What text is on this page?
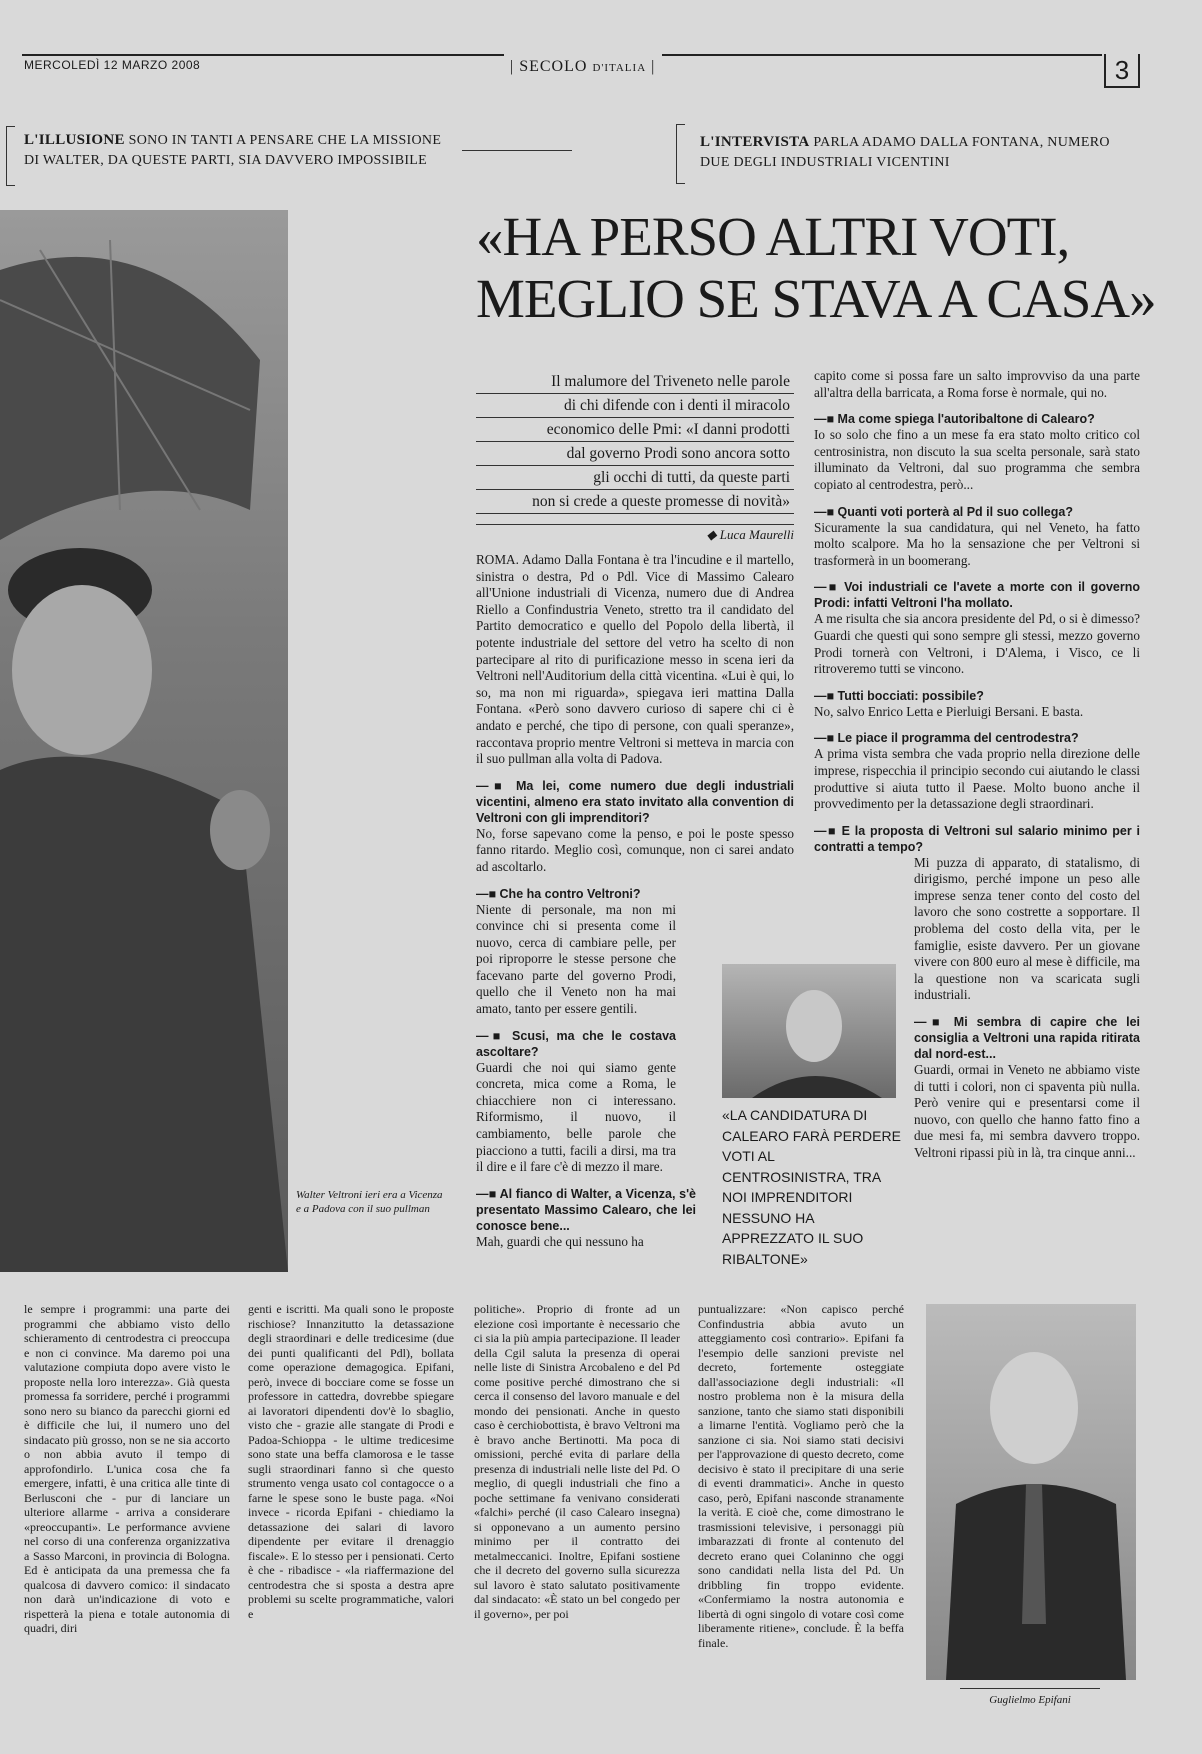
MERCOLEDÌ 12 MARZO 2008	| SECOLO D'ITALIA |	3
L'ILLUSIONE SONO IN TANTI A PENSARE CHE LA MISSIONE DI WALTER, DA QUESTE PARTI, SIA DAVVERO IMPOSSIBILE
L'INTERVISTA PARLA ADAMO DALLA FONTANA, NUMERO DUE DEGLI INDUSTRIALI VICENTINI
«HA PERSO ALTRI VOTI,
MEGLIO SE STAVA A CASA»
Walter Veltroni ieri era a Vicenza e a Padova con il suo pullman
Il malumore del Triveneto nelle parole
di chi difende con i denti il miracolo
economico delle Pmi: «I danni prodotti
dal governo Prodi sono ancora sotto
gli occhi di tutti, da queste parti
non si crede a queste promesse di novità»
◆ Luca Maurelli
ROMA. Adamo Dalla Fontana è tra l'incudine e il martello, sinistra o destra, Pd o Pdl. Vice di Massimo Calearo all'Unione industriali di Vicenza, numero due di Andrea Riello a Confindustria Veneto, stretto tra il candidato del Partito democratico e quello del Popolo della libertà, il potente industriale del settore del vetro ha scelto di non partecipare al rito di purificazione messo in scena ieri da Veltroni nell'Auditorium della città vicentina. «Lui è qui, lo so, ma non mi riguarda», spiegava ieri mattina Dalla Fontana. «Però sono davvero curioso di sapere chi ci è andato e perché, che tipo di persone, con quali speranze», raccontava proprio mentre Veltroni si metteva in marcia con il suo pullman alla volta di Padova.
—■ Ma lei, come numero due degli industriali vicentini, almeno era stato invitato alla convention di Veltroni con gli imprenditori?
No, forse sapevano come la penso, e poi le poste spesso fanno ritardo. Meglio così, comunque, non ci sarei andato ad ascoltarlo.
—■ Che ha contro Veltroni?
Niente di personale, ma non mi convince chi si presenta come il nuovo, cerca di cambiare pelle, per poi riproporre le stesse persone che facevano parte del governo Prodi, quello che il Veneto non ha mai amato, tanto per essere gentili.
—■ Scusi, ma che le costava ascoltare?
Guardi che noi qui siamo gente concreta, mica come a Roma, le chiacchiere non ci interessano. Riformismo, il nuovo, il cambiamento, belle parole che piacciono a tutti, facili a dirsi, ma tra il dire e il fare c'è di mezzo il mare.
—■ Al fianco di Walter, a Vicenza, s'è presentato Massimo Calearo, che lei conosce bene...
Mah, guardi che qui nessuno ha
«LA CANDIDATURA DI CALEARO FARÀ PERDERE VOTI AL CENTROSINISTRA, TRA NOI IMPRENDITORI NESSUNO HA APPREZZATO IL SUO RIBALTONE»
capito come si possa fare un salto improvviso da una parte all'altra della barricata, a Roma forse è normale, qui no.
—■ Ma come spiega l'autoribaltone di Calearo?
Io so solo che fino a un mese fa era stato molto critico col centrosinistra, non discuto la sua scelta personale, sarà stato illuminato da Veltroni, dal suo programma che sembra copiato al centrodestra, però...
—■ Quanti voti porterà al Pd il suo collega?
Sicuramente la sua candidatura, qui nel Veneto, ha fatto molto scalpore. Ma ho la sensazione che per Veltroni si trasformerà in un boomerang.
—■ Voi industriali ce l'avete a morte con il governo Prodi: infatti Veltroni l'ha mollato.
A me risulta che sia ancora presidente del Pd, o si è dimesso? Guardi che questi qui sono sempre gli stessi, mezzo governo Prodi tornerà con Veltroni, i D'Alema, i Visco, ce li ritroveremo tutti se vincono.
—■ Tutti bocciati: possibile?
No, salvo Enrico Letta e Pierluigi Bersani. E basta.
—■ Le piace il programma del centrodestra?
A prima vista sembra che vada proprio nella direzione delle imprese, rispecchia il principio secondo cui aiutando le classi produttive si aiuta tutto il Paese. Molto buono anche il provvedimento per la detassazione degli straordinari.
—■ E la proposta di Veltroni sul salario minimo per i contratti a tempo?
Mi puzza di apparato, di statalismo, di dirigismo, perché impone un peso alle imprese senza tener conto del costo del lavoro che sono costrette a sopportare. Il problema del costo della vita, per le famiglie, esiste davvero. Per un giovane vivere con 800 euro al mese è difficile, ma la questione non va scaricata sugli industriali.
—■ Mi sembra di capire che lei consiglia a Veltroni una rapida ritirata dal nord-est...
Guardi, ormai in Veneto ne abbiamo viste di tutti i colori, non ci spaventa più nulla. Però venire qui e presentarsi come il nuovo, con quello che hanno fatto fino a due mesi fa, mi sembra davvero troppo. Veltroni ripassi più in là, tra cinque anni...
le sempre i programmi: una parte dei programmi che abbiamo visto dello schieramento di centrodestra ci preoccupa e non ci convince. Ma daremo poi una valutazione compiuta dopo avere visto le proposte nella loro interezza». Già questa promessa fa sorridere, perché i programmi sono nero su bianco da parecchi giorni ed è difficile che lui, il numero uno del sindacato più grosso, non se ne sia accorto o non abbia avuto il tempo di approfondirlo. L'unica cosa che fa emergere, infatti, è una critica alle tinte di Berlusconi che - pur di lanciare un ulteriore allarme - arriva a considerare «preoccupanti». Le performance avviene nel corso di una conferenza organizzativa a Sasso Marconi, in provincia di Bologna. Ed è anticipata da una premessa che fa qualcosa di davvero comico: il sindacato non darà un'indicazione di voto e rispetterà la piena e totale autonomia di quadri, diri
genti e iscritti. Ma quali sono le proposte rischiose? Innanzitutto la detassazione degli straordinari e delle tredicesime (due dei punti qualificanti del Pdl), bollata come operazione demagogica. Epifani, però, invece di bocciare come se fosse un professore in cattedra, dovrebbe spiegare ai lavoratori dipendenti dov'è lo sbaglio, visto che - grazie alle stangate di Prodi e Padoa-Schioppa - le ultime tredicesime sono state una beffa clamorosa e le tasse sugli straordinari fanno sì che questo strumento venga usato col contagocce o a farne le spese sono le buste paga. «Noi invece - ricorda Epifani - chiediamo la detassazione dei salari di lavoro dipendente per evitare il drenaggio fiscale». E lo stesso per i pensionati. Certo è che - ribadisce - «la riaffermazione del centrodestra che si sposta a destra apre problemi su scelte programmatiche, valori e
politiche». Proprio di fronte ad un elezione così importante è necessario che ci sia la più ampia partecipazione. Il leader della Cgil saluta la presenza di operai nelle liste di Sinistra Arcobaleno e del Pd come positive perché dimostrano che si cerca il consenso del lavoro manuale e del mondo dei pensionati. Anche in questo caso è cerchiobottista, è bravo Veltroni ma è bravo anche Bertinotti. Ma poca di omissioni, perché evita di parlare della presenza di industriali nelle liste del Pd. O meglio, di quegli industriali che fino a poche settimane fa venivano considerati «falchi» perché (il caso Calearo insegna) si opponevano a un aumento persino minimo per il contratto dei metalmeccanici. Inoltre, Epifani sostiene che il decreto del governo sulla sicurezza sul lavoro è stato salutato positivamente dal sindacato: «È stato un bel congedo per il governo», per poi
puntualizzare: «Non capisco perché Confindustria abbia avuto un atteggiamento così contrario». Epifani fa l'esempio delle sanzioni previste nel decreto, fortemente osteggiate dall'associazione degli industriali: «Il nostro problema non è la misura della sanzione, tanto che siamo stati disponibili a limarne l'entità. Vogliamo però che la sanzione ci sia. Noi siamo stati decisivi per l'approvazione di questo decreto, come decisivo è stato il precipitare di una serie di eventi drammatici». Anche in questo caso, però, Epifani nasconde stranamente la verità. E cioè che, come dimostrano le trasmissioni televisive, i personaggi più imbarazzati di fronte al contenuto del decreto erano quei Colaninno che oggi sono candidati nella lista del Pd. Un dribbling fin troppo evidente. «Confermiamo la nostra autonomia e libertà di ogni singolo di votare così come liberamente ritiene», conclude. È la beffa finale.
Guglielmo Epifani
